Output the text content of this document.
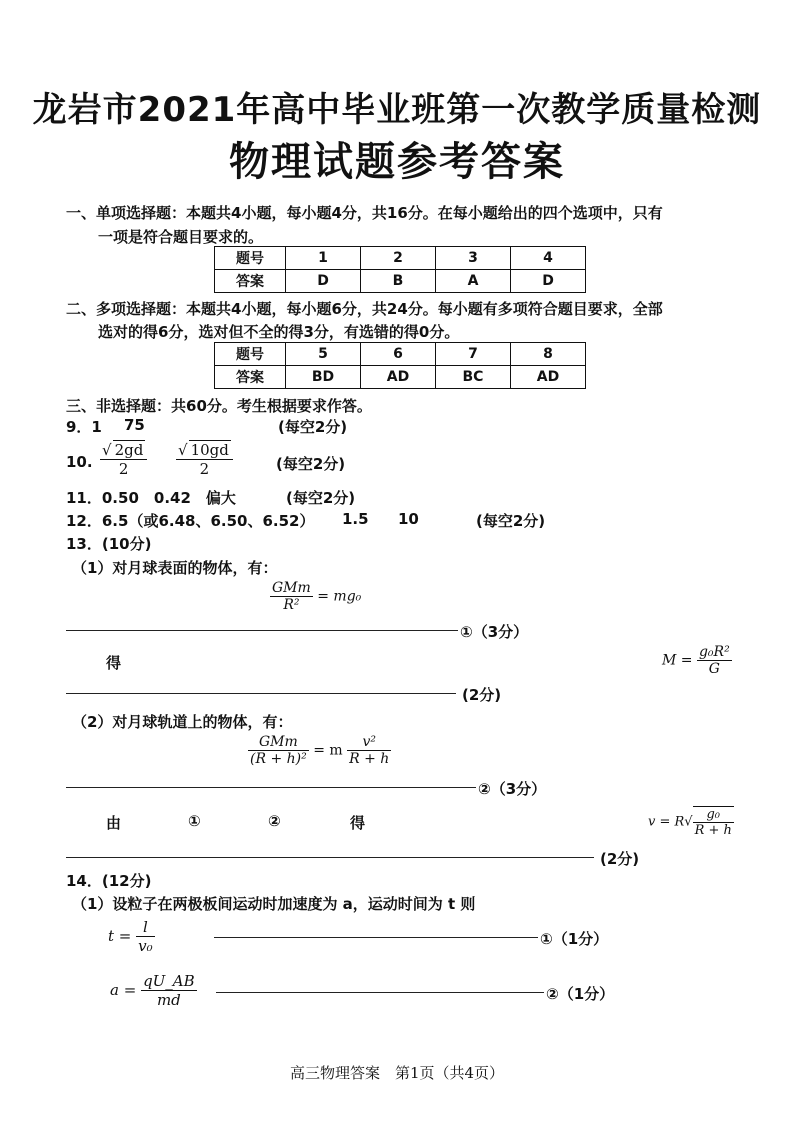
龙岩市2021年高中毕业班第一次教学质量检测
物理试题参考答案
一、单项选择题：本题共4小题，每小题4分，共16分。在每小题给出的四个选项中，只有
一项是符合题目要求的。
题号	1	2	3	4
答案	D	B	A	D
二、多项选择题：本题共4小题，每小题6分，共24分。每小题有多项符合题目要求，全部
选对的得6分，选对但不全的得3分，有选错的得0分。
题号	5	6	7	8
答案	BD	AD	BC	AD
三、非选择题：共60分。考生根据要求作答。
9．1 75	(每空2分)
10. $\frac{√ 2gd}{2} \frac{√ 10gd}{2}$	(每空2分)
11．0.50　0.42　偏大	(每空2分)
12．6.5（或6.48、6.50、6.52） 1.5 10	(每空2分)
13．(10分)
（1）对月球表面的物体，有：
$\frac{\text{GMm}}{\text{R²}} = mg_0$
①（3分）
得	$M = \frac{\text{g₀R²}}{G}$
(2分)
（2）对月球轨道上的物体，有：
$\frac{\text{GMm}}{\text{(R + h)²}} = m \frac{\text{v²}}{R + h}$
②（3分）
由	①	②	得	$v = R√ \frac{\text{g₀}}{R + h}$
(2分)
14．(12分)
（1）设粒子在两极板间运动时加速度为 a，运动时间为 t 则
$t = \frac{l}{\text{v₀}}$	①（1分）
$a = \frac{qU\_AB}{md}$	②（1分）
高三物理答案　第1页（共4页）
